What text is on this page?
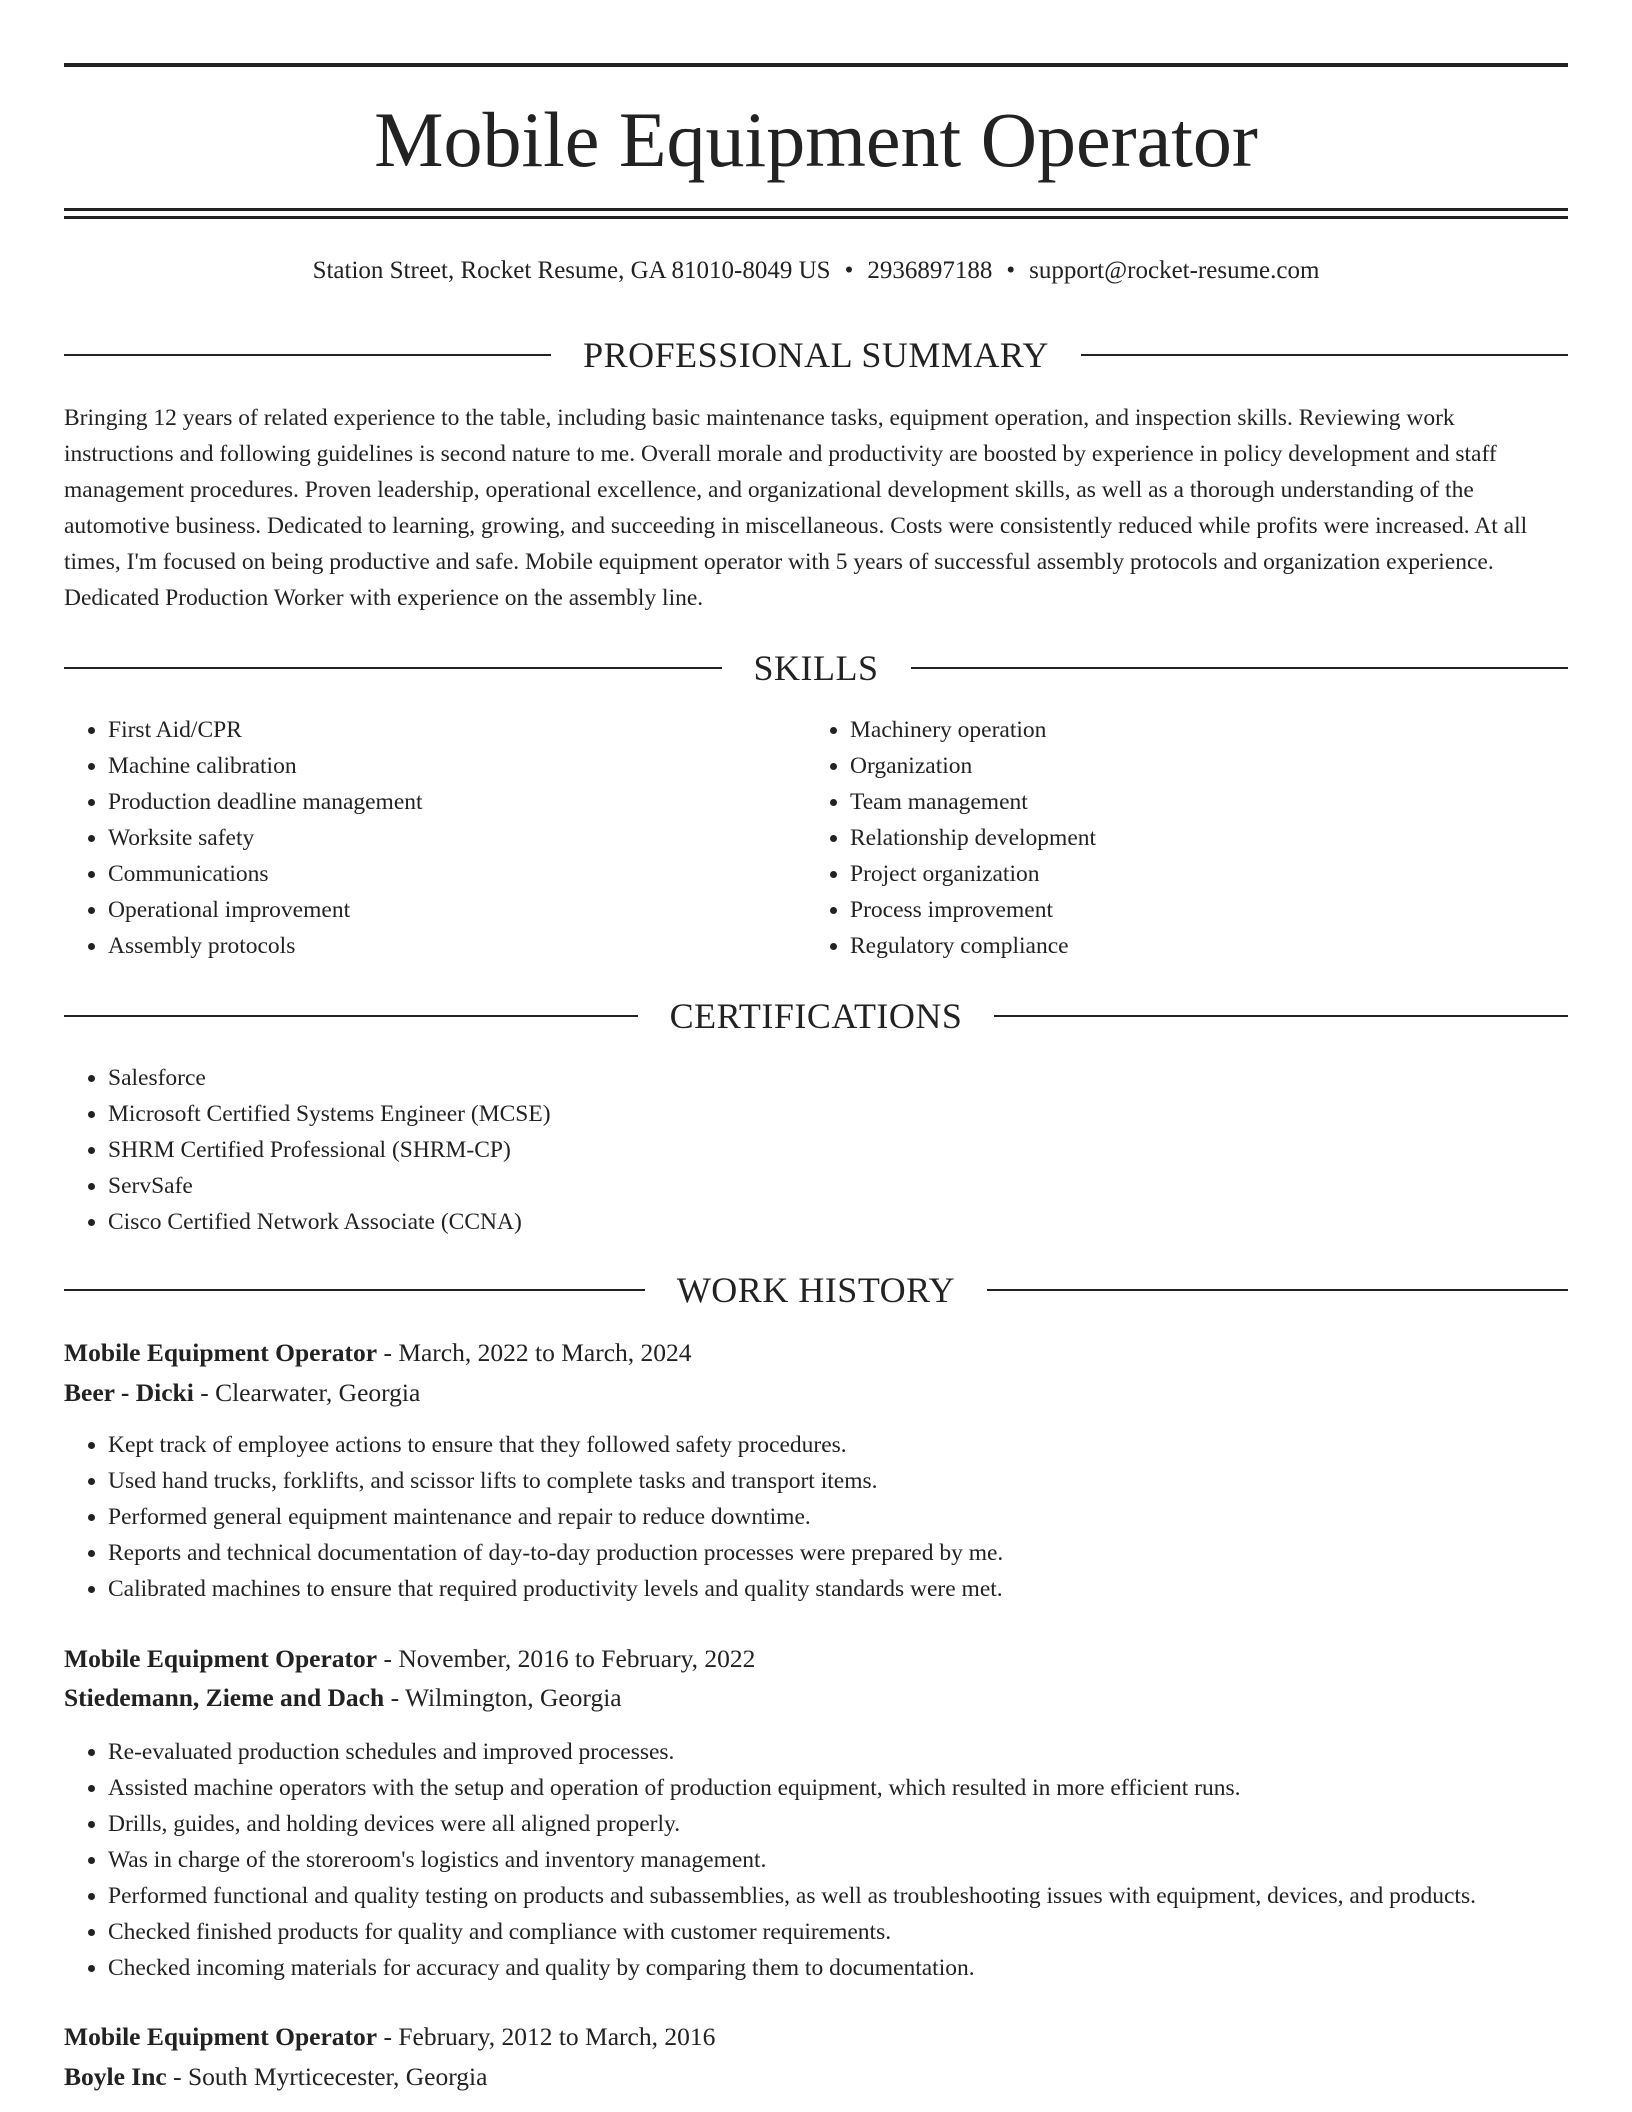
Mobile Equipment Operator
Station Street, Rocket Resume, GA 81010-8049 US • 2936897188 • support@rocket-resume.com
PROFESSIONAL SUMMARY

Bringing 12 years of related experience to the table, including basic maintenance tasks, equipment operation, and inspection skills. Reviewing work instructions and following guidelines is second nature to me. Overall morale and productivity are boosted by experience in policy development and staff management procedures. Proven leadership, operational excellence, and organizational development skills, as well as a thorough understanding of the automotive business. Dedicated to learning, growing, and succeeding in miscellaneous. Costs were consistently reduced while profits were increased. At all times, I'm focused on being productive and safe. Mobile equipment operator with 5 years of successful assembly protocols and organization experience. Dedicated Production Worker with experience on the assembly line.

SKILLS
• First Aid/CPR
• Machine calibration
• Production deadline management
• Worksite safety
• Communications
• Operational improvement
• Assembly protocols
• Machinery operation
• Organization
• Team management
• Relationship development
• Project organization
• Process improvement
• Regulatory compliance
CERTIFICATIONS
• Salesforce
• Microsoft Certified Systems Engineer (MCSE)
• SHRM Certified Professional (SHRM-CP)
• ServSafe
• Cisco Certified Network Associate (CCNA)
WORK HISTORY
Mobile Equipment Operator - March, 2022 to March, 2024
Beer - Dicki - Clearwater, Georgia
• Kept track of employee actions to ensure that they followed safety procedures.
• Used hand trucks, forklifts, and scissor lifts to complete tasks and transport items.
• Performed general equipment maintenance and repair to reduce downtime.
• Reports and technical documentation of day-to-day production processes were prepared by me.
• Calibrated machines to ensure that required productivity levels and quality standards were met.
Mobile Equipment Operator - November, 2016 to February, 2022
Stiedemann, Zieme and Dach - Wilmington, Georgia
• Re-evaluated production schedules and improved processes.
• Assisted machine operators with the setup and operation of production equipment, which resulted in more efficient runs.
• Drills, guides, and holding devices were all aligned properly.
• Was in charge of the storeroom's logistics and inventory management.
• Performed functional and quality testing on products and subassemblies, as well as troubleshooting issues with equipment, devices, and products.
• Checked finished products for quality and compliance with customer requirements.
• Checked incoming materials for accuracy and quality by comparing them to documentation.
Mobile Equipment Operator - February, 2012 to March, 2016
Boyle Inc - South Myrticecester, Georgia
